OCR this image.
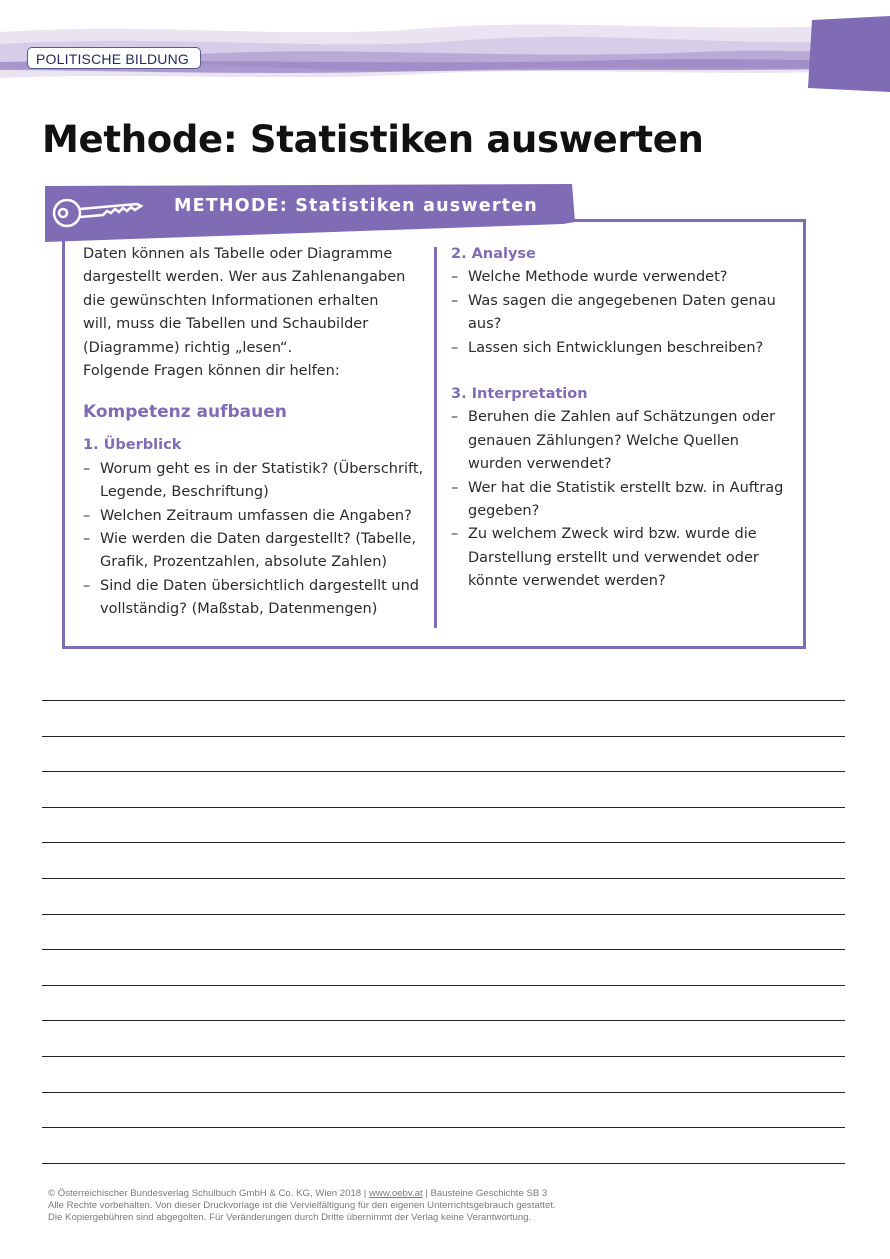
POLITISCHE BILDUNG
Methode: Statistiken auswerten
METHODE: Statistiken auswerten

Daten können als Tabelle oder Diagramme

dargestellt werden. Wer aus Zahlenangaben

die gewünschten Informationen erhalten

will, muss die Tabellen und Schaubilder

(Diagramme) richtig „lesen“.

Folgende Fragen können dir helfen:

Kompetenz aufbauen
1. Überblick
– Worum geht es in der Statistik? (Überschrift,
Legende, Beschriftung)
– Welchen Zeitraum umfassen die Angaben?
– Wie werden die Daten dargestellt? (Tabelle,
Grafik, Prozentzahlen, absolute Zahlen)
– Sind die Daten übersichtlich dargestellt und
vollständig? (Maßstab, Datenmengen)
2. Analyse
– Welche Methode wurde verwendet?
– Was sagen die angegebenen Daten genau
aus?
– Lassen sich Entwicklungen beschreiben?
3. Interpretation
– Beruhen die Zahlen auf Schätzungen oder
genauen Zählungen? Welche Quellen
wurden verwendet?
– Wer hat die Statistik erstellt bzw. in Auftrag
gegeben?
– Zu welchem Zweck wird bzw. wurde die
Darstellung erstellt und verwendet oder
könnte verwendet werden?
© Österreichischer Bundesverlag Schulbuch GmbH & Co. KG, Wien 2018 | www.oebv.at | Bausteine Geschichte SB 3
Alle Rechte vorbehalten. Von dieser Druckvorlage ist die Vervielfältigung für den eigenen Unterrichtsgebrauch gestattet.
Die Kopiergebühren sind abgegolten. Für Veränderungen durch Dritte übernimmt der Verlag keine Verantwortung.
